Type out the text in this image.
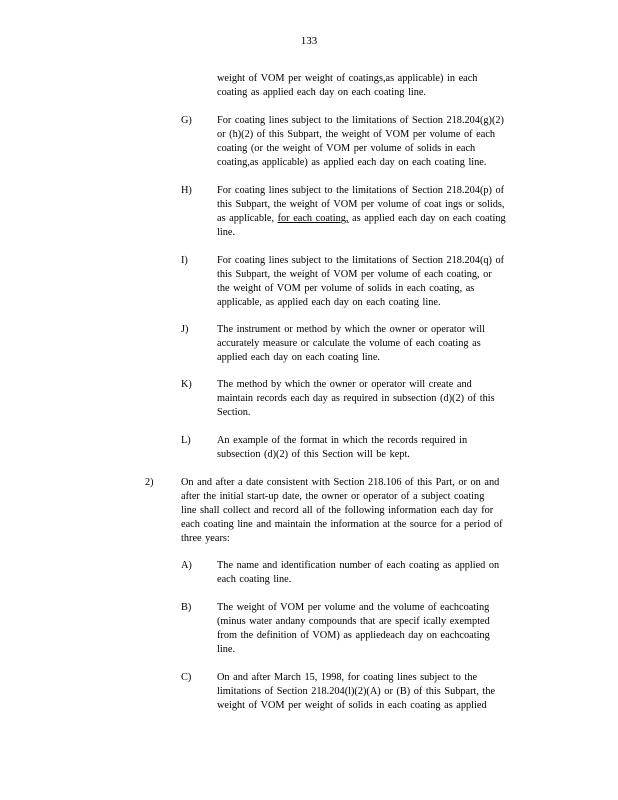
133
weight of VOM per weight of coatings,as applicable) in each
coating as applied each day on each coating line.
G) For coating lines subject to the limitations of Section 218.204(g)(2)
or (h)(2) of this Subpart, the weight of VOM per volume of each
coating (or the weight of VOM per volume of solids in each
coating,as applicable) as applied each day on each coating line.
H) For coating lines subject to the limitations of Section 218.204(p) of
this Subpart, the weight of VOM per volume of coat ings or solids,
as applicable, for each coating, as applied each day on each coating
line.
I)	For coating lines subject to the limitations of Section 218.204(q) of
this Subpart, the weight of VOM per volume of each coating, or
the weight of VOM per volume of solids in each coating, as
applicable, as applied each day on each coating line.
J)	The instrument or method by which the owner or operator will
accurately measure or calculate the volume of each coating as
applied each day on each coating line.
K) The method by which the owner or operator will create and
maintain records each day as required in subsection (d)(2) of this
Section.
L)	An example of the format in which the records required in
subsection (d)(2) of this Section will be kept.
2)	On and after a date consistent with Section 218.106 of this Part, or on and
after the initial start-up date, the owner or operator of a subject coating
line shall collect and record all of the following information each day for
each coating line and maintain the information at the source for a period of
three years:
A) The name and identification number of each coating as applied on
each coating line.
B) The weight of VOM per volume and the volume of eachcoating
(minus water andany compounds that are specif ically exempted
from the definition of VOM) as appliedeach day on eachcoating
line.
C) On and after March 15, 1998, for coating lines subject to the
limitations of Section 218.204(l)(2)(A) or (B) of this Subpart, the
weight of VOM per weight of solids in each coating as applied
